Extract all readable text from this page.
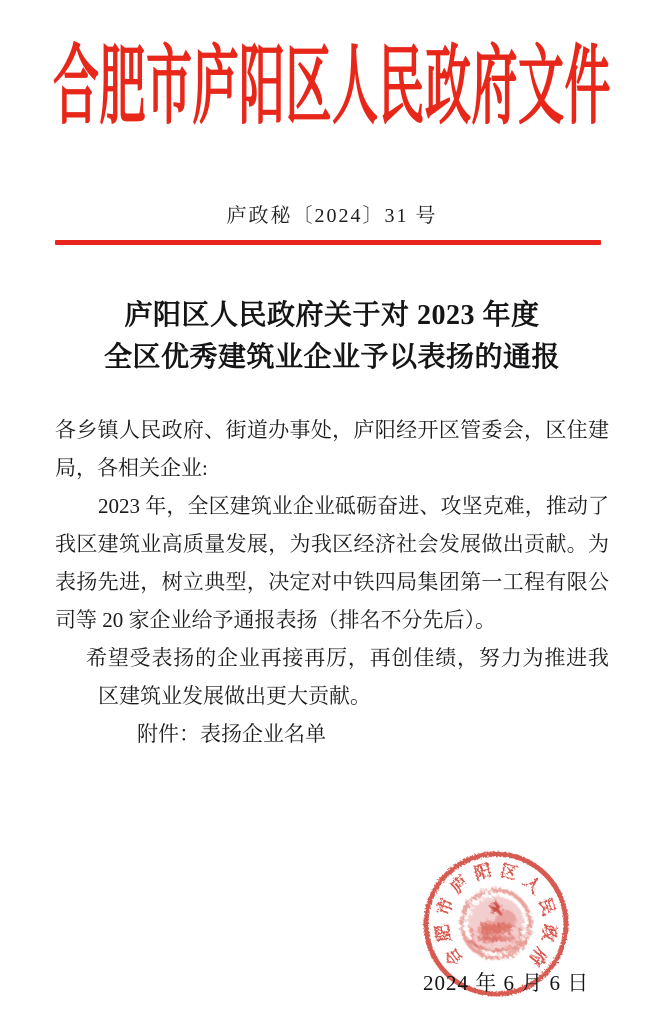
合肥市庐阳区人民政府文件
庐政秘〔2024〕31 号
庐阳区人民政府关于对 2023 年度
全区优秀建筑业企业予以表扬的通报

各乡镇人民政府、街道办事处，庐阳经开区管委会，区住建局，各相关企业:

2023 年，全区建筑业企业砥砺奋进、攻坚克难，推动了我区建筑业高质量发展，为我区经济社会发展做出贡献。为表扬先进，树立典型，决定对中铁四局集团第一工程有限公司等 20 家企业给予通报表扬（排名不分先后）。

希望受表扬的企业再接再厉，再创佳绩，努力为推进我区建筑业发展做出更大贡献。

附件：表扬企业名单

合
肥
市
庐 阳 区 人
民
政
府
2024 年 6 月 6 日
